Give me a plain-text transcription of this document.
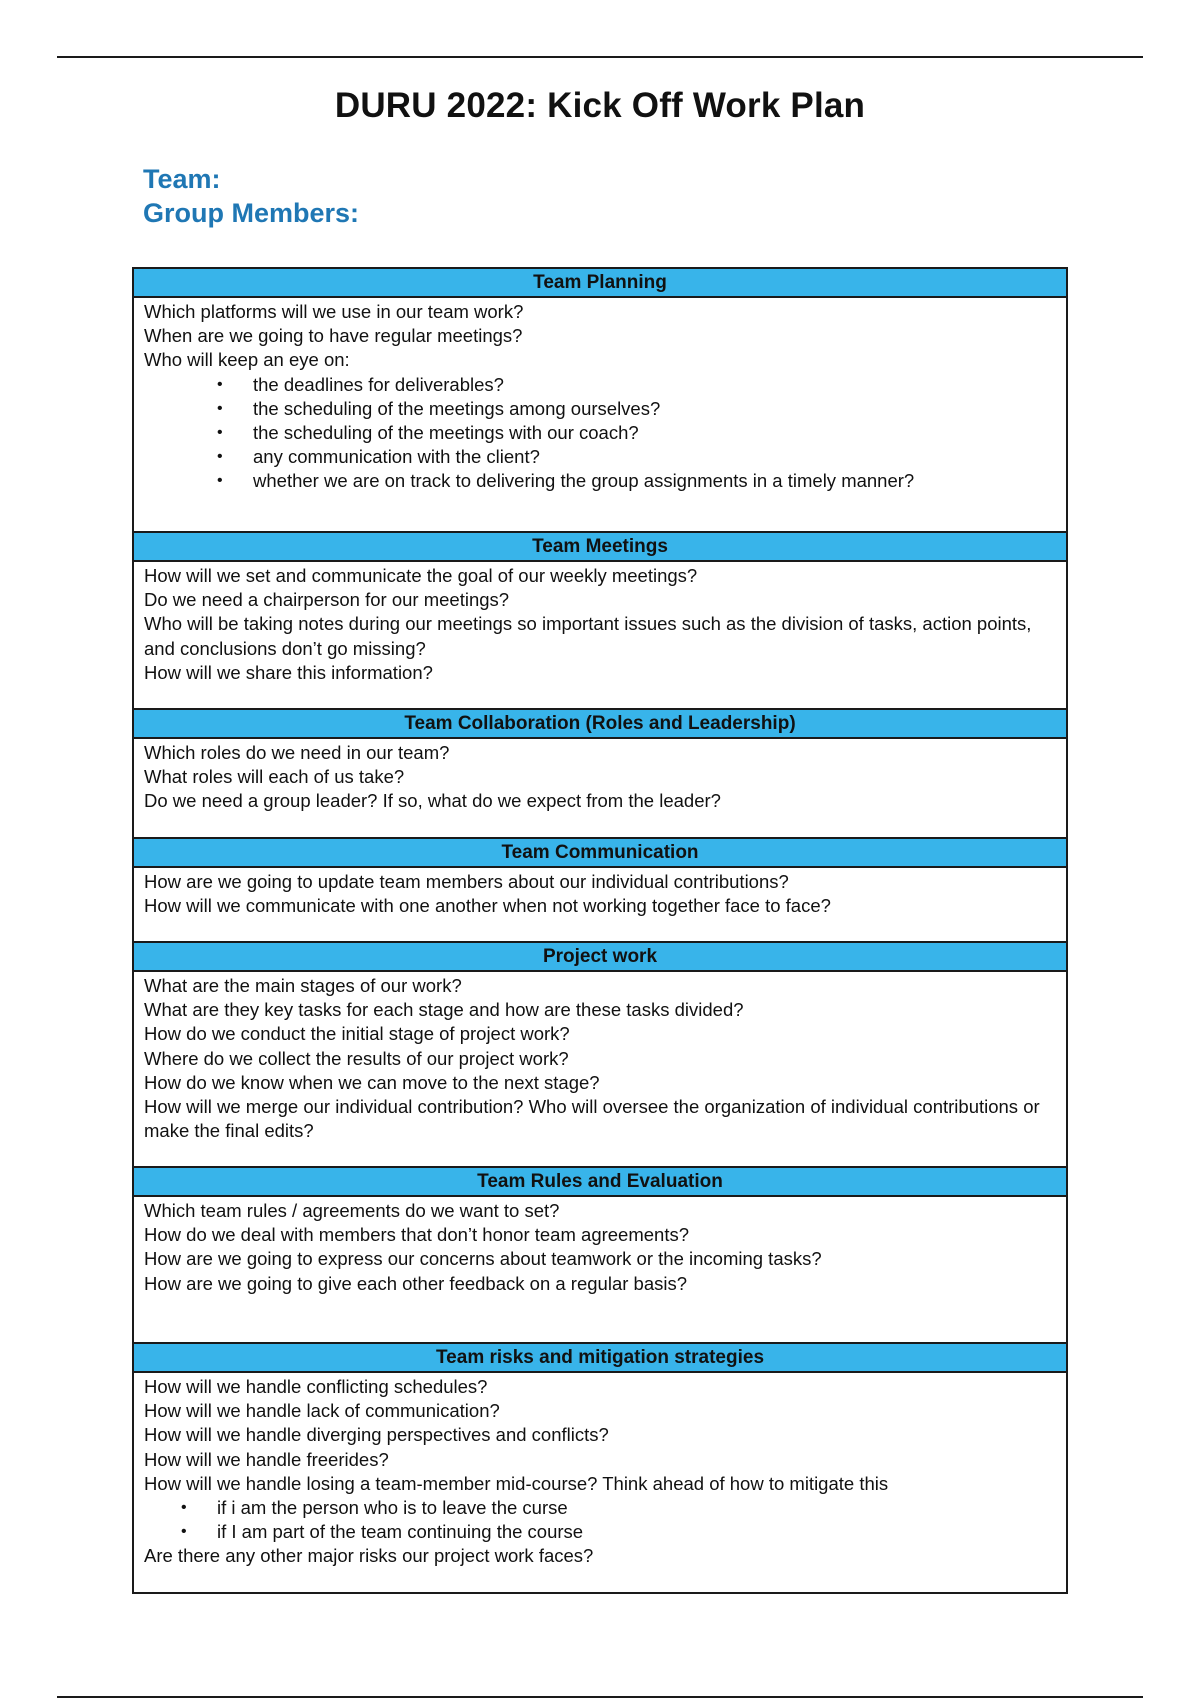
DURU 2022: Kick Off Work Plan
Team:
Group Members:
Team Planning
Which platforms will we use in our team work?
When are we going to have regular meetings?
Who will keep an eye on:
• the deadlines for deliverables?
• the scheduling of the meetings among ourselves?
• the scheduling of the meetings with our coach?
• any communication with the client?
• whether we are on track to delivering the group assignments in a timely manner?
Team Meetings
How will we set and communicate the goal of our weekly meetings?
Do we need a chairperson for our meetings?
Who will be taking notes during our meetings so important issues such as the division of tasks, action points, and conclusions don’t go missing?
How will we share this information?
Team Collaboration (Roles and Leadership)
Which roles do we need in our team?
What roles will each of us take?
Do we need a group leader? If so, what do we expect from the leader?
Team Communication
How are we going to update team members about our individual contributions?
How will we communicate with one another when not working together face to face?
Project work
What are the main stages of our work?
What are they key tasks for each stage and how are these tasks divided?
How do we conduct the initial stage of project work?
Where do we collect the results of our project work?
How do we know when we can move to the next stage?
How will we merge our individual contribution? Who will oversee the organization of individual contributions or make the final edits?
Team Rules and Evaluation
Which team rules / agreements do we want to set?
How do we deal with members that don’t honor team agreements?
How are we going to express our concerns about teamwork or the incoming tasks?
How are we going to give each other feedback on a regular basis?
Team risks and mitigation strategies
How will we handle conflicting schedules?
How will we handle lack of communication?
How will we handle diverging perspectives and conflicts?
How will we handle freerides?
How will we handle losing a team-member mid-course? Think ahead of how to mitigate this
• if i am the person who is to leave the curse
• if I am part of the team continuing the course
Are there any other major risks our project work faces?
